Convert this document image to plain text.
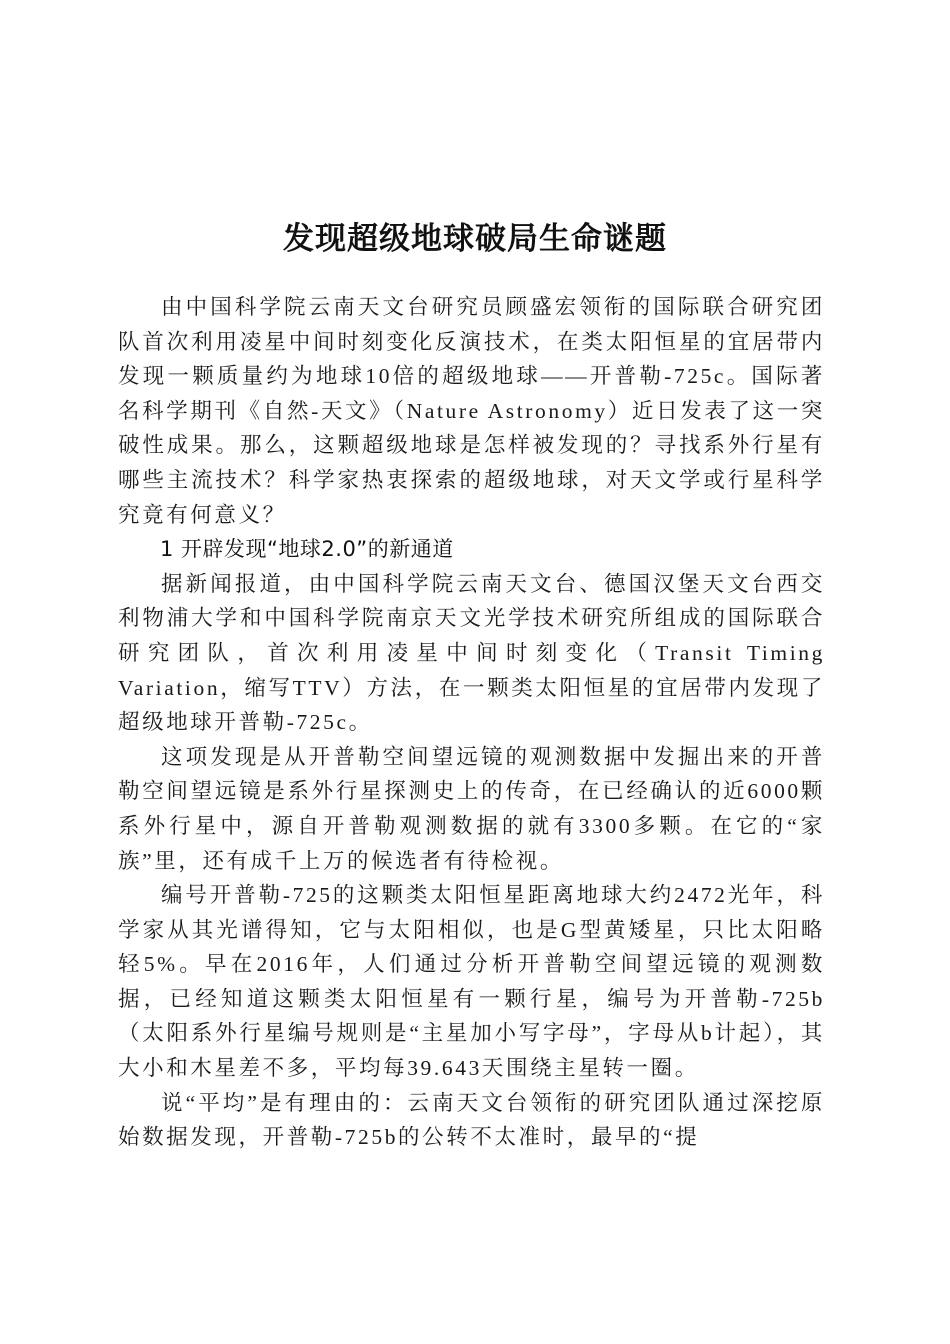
发现超级地球破局生命谜题

由中国科学院云南天文台研究员顾盛宏领衔的国际联合研究团队首次利用凌星中间时刻变化反演技术，在类太阳恒星的宜居带内发现一颗质量约为地球10倍的超级地球——开普勒-725c。国际著名科学期刊《自然-天文》（Nature Astronomy）近日发表了这一突破性成果。那么，这颗超级地球是怎样被发现的？寻找系外行星有哪些主流技术？科学家热衷探索的超级地球，对天文学或行星科学究竟有何意义？

1 开辟发现“地球2.0”的新通道

据新闻报道，由中国科学院云南天文台、德国汉堡天文台西交利物浦大学和中国科学院南京天文光学技术研究所组成的国际联合研究团队，首次利用凌星中间时刻变化（Transit Timing Variation，缩写TTV）方法，在一颗类太阳恒星的宜居带内发现了超级地球开普勒-725c。

这项发现是从开普勒空间望远镜的观测数据中发掘出来的开普勒空间望远镜是系外行星探测史上的传奇，在已经确认的近6000颗系外行星中，源自开普勒观测数据的就有3300多颗。在它的“家族”里，还有成千上万的候选者有待检视。

编号开普勒-725的这颗类太阳恒星距离地球大约2472光年，科学家从其光谱得知，它与太阳相似，也是G型黄矮星，只比太阳略轻5%。早在2016年，人们通过分析开普勒空间望远镜的观测数据，已经知道这颗类太阳恒星有一颗行星，编号为开普勒-725b（太阳系外行星编号规则是“主星加小写字母”，字母从b计起），其大小和木星差不多，平均每39.643天围绕主星转一圈。

说“平均”是有理由的：云南天文台领衔的研究团队通过深挖原始数据发现，开普勒-725b的公转不太准时，最早的“提
